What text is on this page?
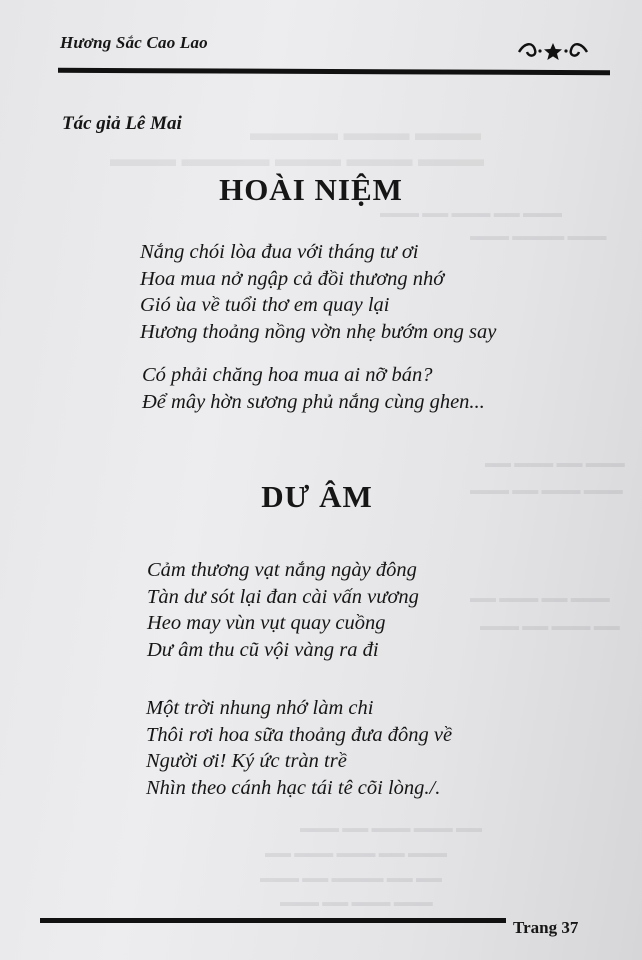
▬▬▬▬ ▬▬▬ ▬▬▬
▬▬▬ ▬▬▬▬ ▬▬▬ ▬▬▬ ▬▬▬
▬▬▬ ▬▬ ▬▬▬ ▬▬ ▬▬▬
▬▬▬ ▬▬▬▬ ▬▬▬
▬▬ ▬▬▬ ▬▬ ▬▬▬
▬▬▬ ▬▬ ▬▬▬ ▬▬▬
▬▬ ▬▬▬ ▬▬ ▬▬▬
▬▬▬ ▬▬ ▬▬▬ ▬▬
▬▬▬ ▬▬ ▬▬▬ ▬▬▬ ▬▬
▬▬ ▬▬▬ ▬▬▬ ▬▬ ▬▬▬
▬▬▬ ▬▬ ▬▬▬▬ ▬▬ ▬▬
▬▬▬ ▬▬ ▬▬▬ ▬▬▬
Hương Sắc Cao Lao
Tác giả Lê Mai
HOÀI NIỆM
Nắng chói lòa đua với tháng tư ơi
Hoa mua nở ngập cả đồi thương nhớ
Gió ùa về tuổi thơ em quay lại
Hương thoảng nồng vờn nhẹ bướm ong say
Có phải chăng hoa mua ai nỡ bán?
Để mây hờn sương phủ nắng cùng ghen...
DƯ ÂM
Cảm thương vạt nắng ngày đông
Tàn dư sót lại đan cài vấn vương
Heo may vùn vụt quay cuồng
Dư âm thu cũ vội vàng ra đi
Một trời nhung nhớ làm chi
Thôi rơi hoa sữa thoảng đưa đông về
Người ơi! Ký ức tràn trề
Nhìn theo cánh hạc tái tê cõi lòng./.
Trang 37
